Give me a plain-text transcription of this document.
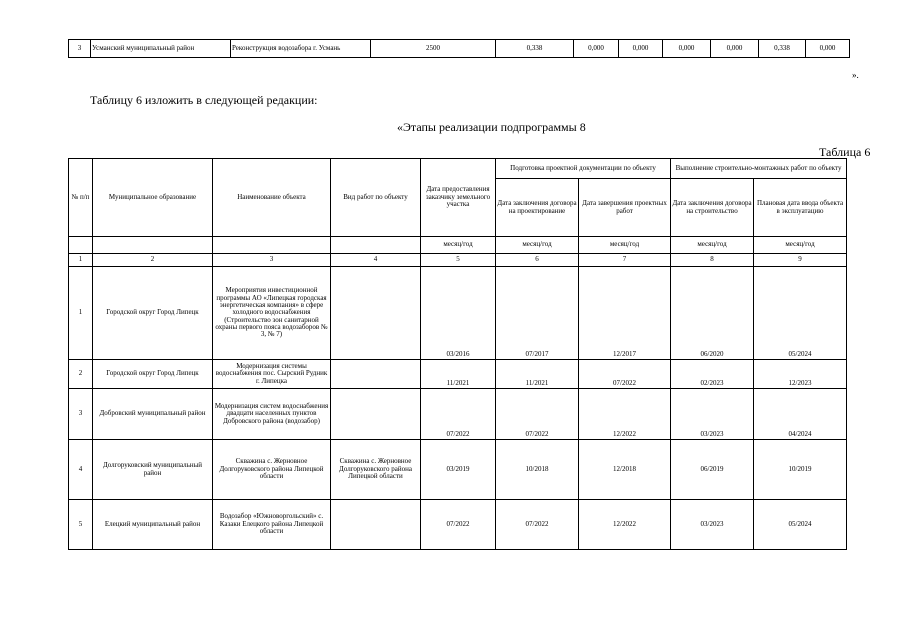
3	Усманский муниципальный район	Реконструкция водозабора г. Усмань	2500	0,338	0,000	0,000	0,000	0,000	0,338	0,000
».
Таблицу 6 изложить в следующей редакции:
«Этапы реализации подпрограммы 8
Таблица 6
№ п/п	Муниципальное образование	Наименование объекта	Вид работ по объекту	Дата предоставления заказчику земельного участка	Подготовка проектной документации по объекту		Выполнение строительно-монтажных работ по объекту	
					Дата заключения договора на проектирование	Дата завершения проектных работ	Дата заключения договора на строительство	Плановая дата ввода объекта в эксплуатацию
				месяц/год	месяц/год	месяц/год	месяц/год	месяц/год
1	2	3	4	5	6	7	8	9
1	Городской округ Город Липецк	Мероприятия инвестиционной программы АО «Липецкая городская энергетическая компания» в сфере холодного водоснабжения (Строительство зон санитарной охраны первого пояса водозаборов № 3, № 7)		03/2016	07/2017	12/2017	06/2020	05/2024
2	Городской округ Город Липецк	Модернизация системы водоснабжения пос. Сырский Рудник г. Липецка		11/2021	11/2021	07/2022	02/2023	12/2023
3	Добровский муниципальный район	Модернизация систем водоснабжения двадцати населенных пунктов Добровского района (водозабор)		07/2022	07/2022	12/2022	03/2023	04/2024
4	Долгоруковский муниципальный район	Скважина с. Жерновное Долгоруковского района Липецкой области	Скважина с. Жерновное Долгоруковского района Липецкой области	03/2019	10/2018	12/2018	06/2019	10/2019
5	Елецкий муниципальный район	Водозабор «Южноворгольский» с. Казаки Елецкого района Липецкой области		07/2022	07/2022	12/2022	03/2023	05/2024
